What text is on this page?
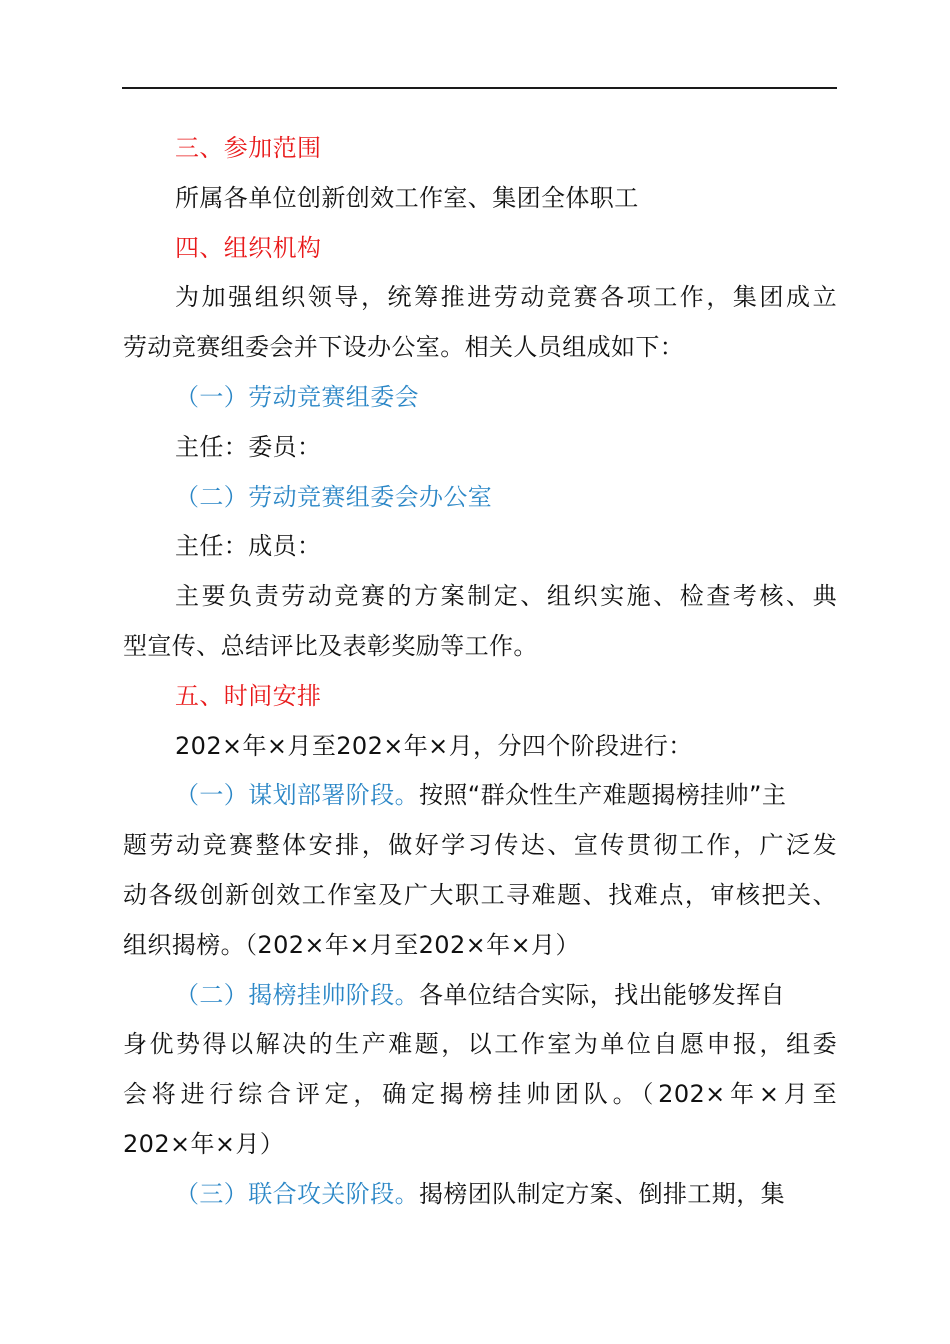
三、参加范围
所属各单位创新创效工作室、集团全体职工
四、组织机构
为加强组织领导，统筹推进劳动竞赛各项工作，集团成立
劳动竞赛组委会并下设办公室。相关人员组成如下：
（一）劳动竞赛组委会
主任：委员：
（二）劳动竞赛组委会办公室
主任：成员：
主要负责劳动竞赛的方案制定、组织实施、检查考核、典
型宣传、总结评比及表彰奖励等工作。
五、时间安排
202×年×月至202×年×月，分四个阶段进行：
（一）谋划部署阶段。按照“群众性生产难题揭榜挂帅”主
题劳动竞赛整体安排，做好学习传达、宣传贯彻工作，广泛发
动各级创新创效工作室及广大职工寻难题、找难点，审核把关、
组织揭榜。（202×年×月至202×年×月）
（二）揭榜挂帅阶段。各单位结合实际，找出能够发挥自
身优势得以解决的生产难题，以工作室为单位自愿申报，组委
会将进行综合评定，确定揭榜挂帅团队。（202×年×月至
202×年×月）
（三）联合攻关阶段。揭榜团队制定方案、倒排工期，集
